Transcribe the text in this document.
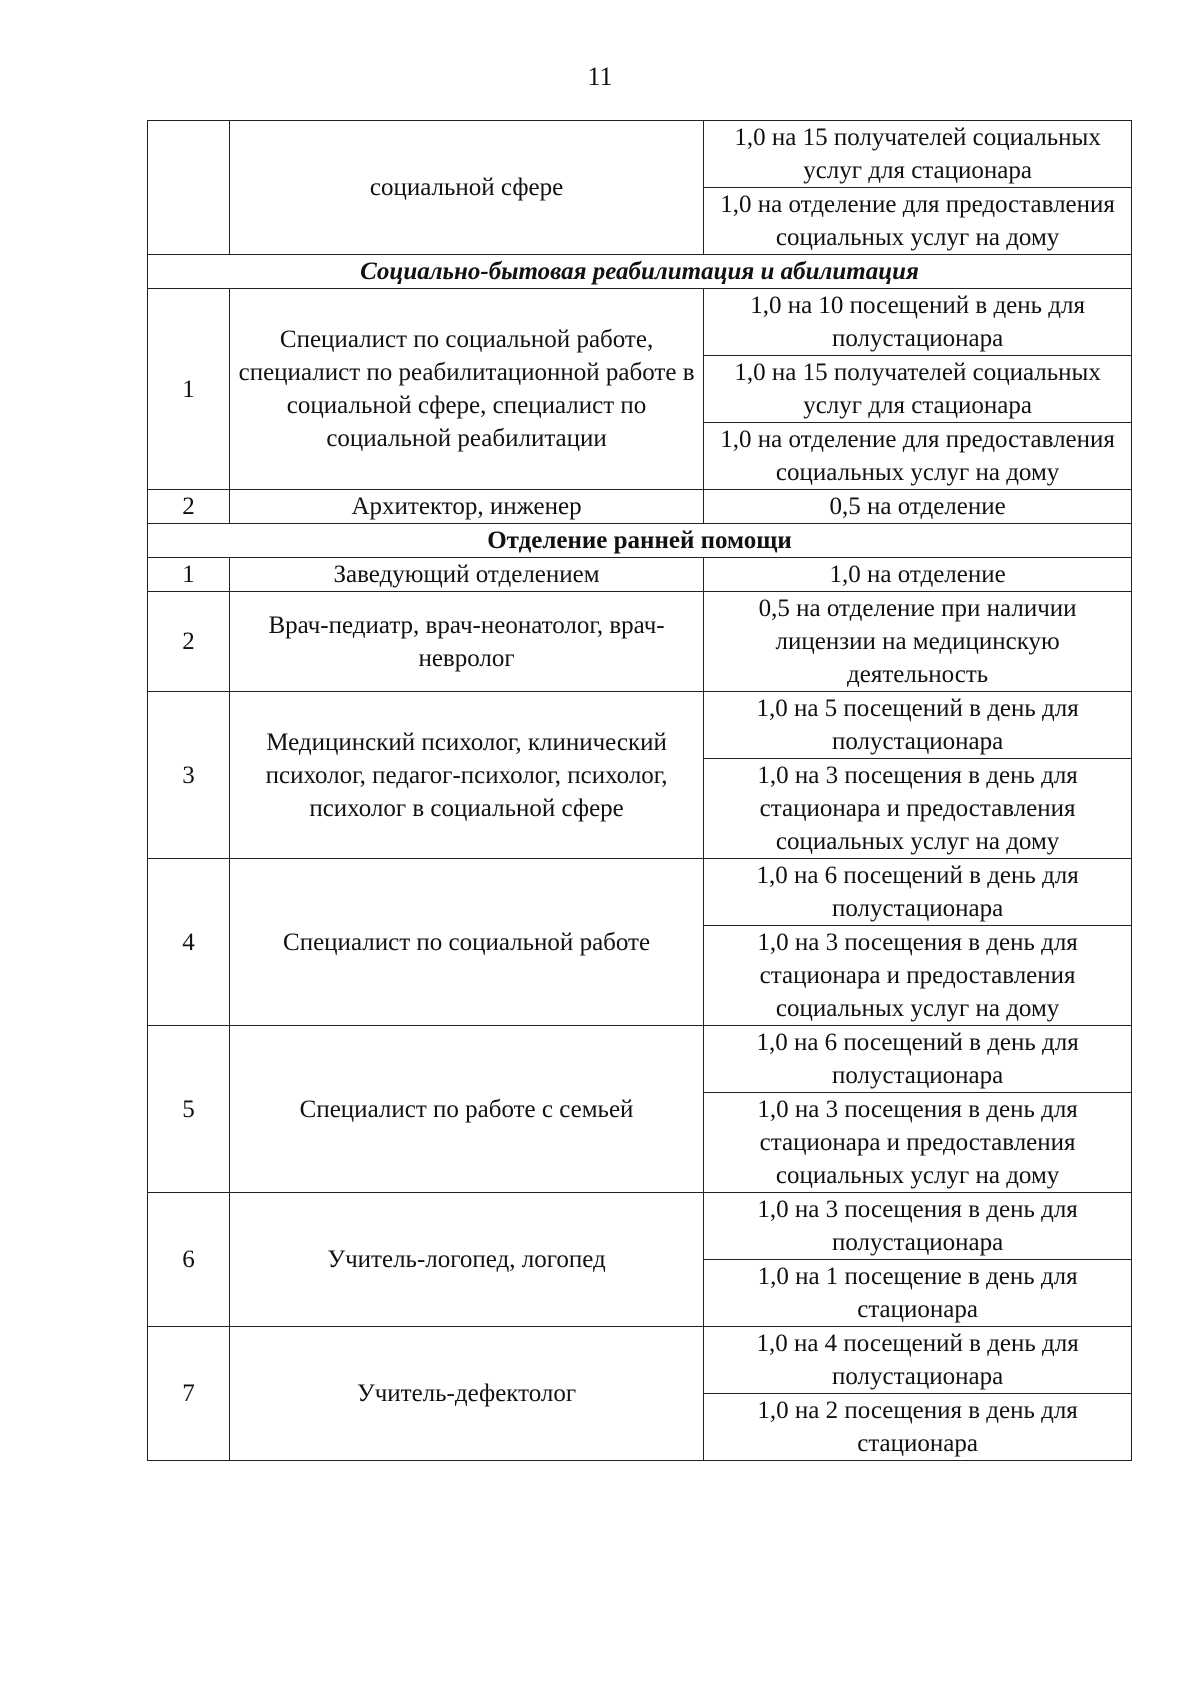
11
	социальной сфере	1,0 на 15 получателей социальных услуг для стационара
		1,0 на отделение для предоставления социальных услуг на дому
Социально-бытовая реабилитация и абилитация		
1	Специалист по социальной работе, специалист по реабилитационной работе в социальной сфере, специалист по социальной реабилитации	1,0 на 10 посещений в день для полустационара
		1,0 на 15 получателей социальных услуг для стационара
		1,0 на отделение для предоставления социальных услуг на дому
2	Архитектор, инженер	0,5 на отделение
Отделение ранней помощи		
1	Заведующий отделением	1,0 на отделение
2	Врач-педиатр, врач-неонатолог, врач-невролог	0,5 на отделение при наличии лицензии на медицинскую деятельность
3	Медицинский психолог, клинический психолог, педагог-психолог, психолог, психолог в социальной сфере	1,0 на 5 посещений в день для полустационара
		1,0 на 3 посещения в день для стационара и предоставления социальных услуг на дому
4	Специалист по социальной работе	1,0 на 6 посещений в день для полустационара
		1,0 на 3 посещения в день для стационара и предоставления социальных услуг на дому
5	Специалист по работе с семьей	1,0 на 6 посещений в день для полустационара
		1,0 на 3 посещения в день для стационара и предоставления социальных услуг на дому
6	Учитель-логопед, логопед	1,0 на 3 посещения в день для полустационара
		1,0 на 1 посещение в день для стационара
7	Учитель-дефектолог	1,0 на 4 посещений в день для полустационара
		1,0 на 2 посещения в день для стационара
